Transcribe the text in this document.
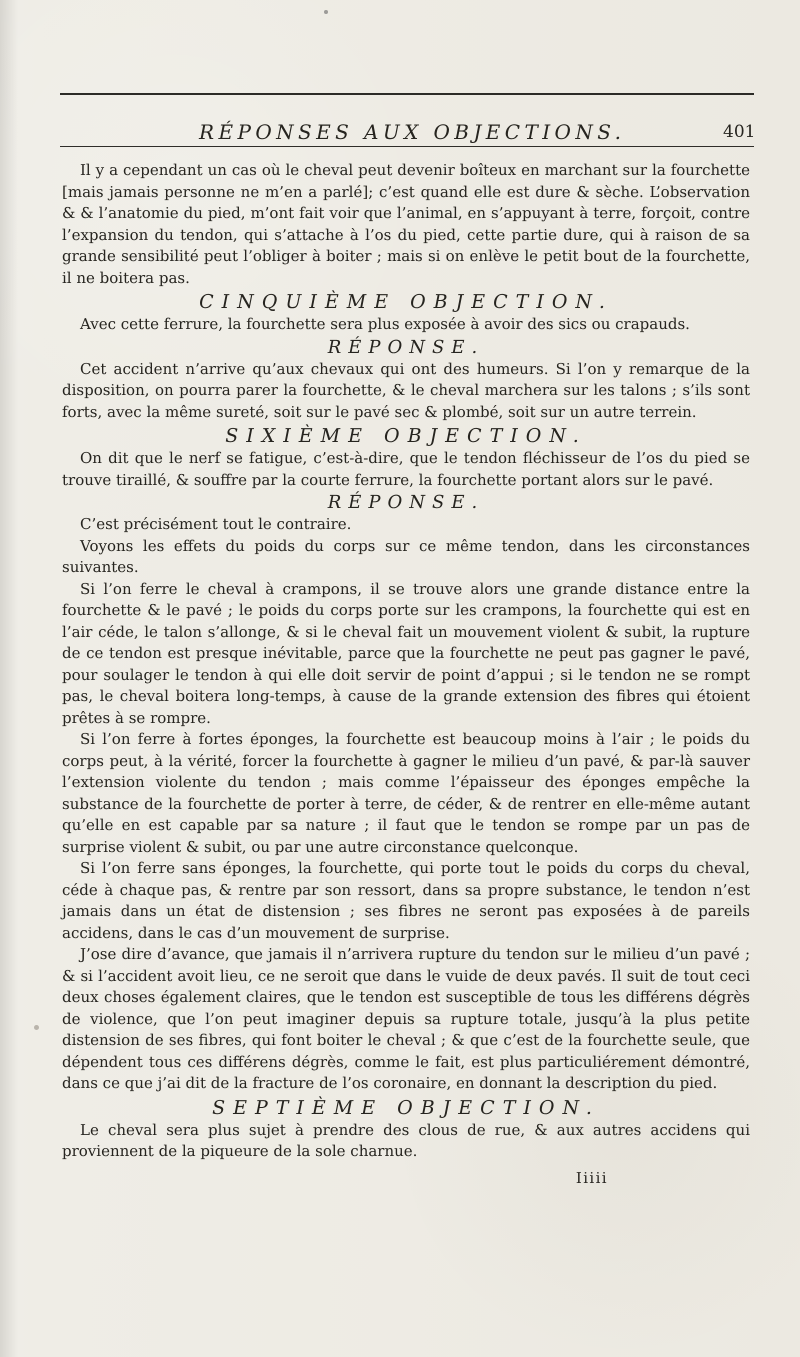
RÉPONSES AUX OBJECTIONS.	401

Il y a cependant un cas où le cheval peut devenir boîteux en marchant sur la fourchette [mais jamais personne ne m’en a parlé]; c’est quand elle est dure & sèche. L’observation & & l’anatomie du pied, m’ont fait voir que l’animal, en s’appuyant à terre, forçoit, contre l’expansion du tendon, qui s’attache à l’os du pied, cette partie dure, qui à raison de sa grande sensibilité peut l’obliger à boiter ; mais si on enlève le petit bout de la fourchette, il ne boitera pas.

CINQUIÈME OBJECTION.

Avec cette ferrure, la fourchette sera plus exposée à avoir des sics ou crapauds.

RÉPONSE.

Cet accident n’arrive qu’aux chevaux qui ont des humeurs. Si l’on y remarque de la disposition, on pourra parer la fourchette, & le cheval marchera sur les talons ; s’ils sont forts, avec la même sureté, soit sur le pavé sec & plombé, soit sur un autre terrein.

SIXIÈME OBJECTION.

On dit que le nerf se fatigue, c’est-à-dire, que le tendon fléchisseur de l’os du pied se trouve tiraillé, & souffre par la courte ferrure, la fourchette portant alors sur le pavé.

RÉPONSE.

C’est précisément tout le contraire.

Voyons les effets du poids du corps sur ce même tendon, dans les circonstances suivantes.

Si l’on ferre le cheval à crampons, il se trouve alors une grande distance entre la fourchette & le pavé ; le poids du corps porte sur les crampons, la fourchette qui est en l’air céde, le talon s’allonge, & si le cheval fait un mouvement violent & subit, la rupture de ce tendon est presque inévitable, parce que la fourchette ne peut pas gagner le pavé, pour soulager le tendon à qui elle doit servir de point d’appui ; si le tendon ne se rompt pas, le cheval boitera long-temps, à cause de la grande extension des fibres qui étoient prêtes à se rompre.

Si l’on ferre à fortes éponges, la fourchette est beaucoup moins à l’air ; le poids du corps peut, à la vérité, forcer la fourchette à gagner le milieu d’un pavé, & par-là sauver l’extension violente du tendon ; mais comme l’épaisseur des éponges empêche la substance de la fourchette de porter à terre, de céder, & de rentrer en elle-même autant qu’elle en est capable par sa nature ; il faut que le tendon se rompe par un pas de surprise violent & subit, ou par une autre circonstance quelconque.

Si l’on ferre sans éponges, la fourchette, qui porte tout le poids du corps du cheval, céde à chaque pas, & rentre par son ressort, dans sa propre substance, le tendon n’est jamais dans un état de distension ; ses fibres ne seront pas exposées à de pareils accidens, dans le cas d’un mouvement de surprise.

J’ose dire d’avance, que jamais il n’arrivera rupture du tendon sur le milieu d’un pavé ; & si l’accident avoit lieu, ce ne seroit que dans le vuide de deux pavés. Il suit de tout ceci deux choses également claires, que le tendon est susceptible de tous les différens dégrès de violence, que l’on peut imaginer depuis sa rupture totale, jusqu’à la plus petite distension de ses fibres, qui font boiter le cheval ; & que c’est de la fourchette seule, que dépendent tous ces différens dégrès, comme le fait, est plus particuliérement démontré, dans ce que j’ai dit de la fracture de l’os coronaire, en donnant la description du pied.

SEPTIÈME OBJECTION.

Le cheval sera plus sujet à prendre des clous de rue, & aux autres accidens qui proviennent de la piqueure de la sole charnue.

Iiiii
